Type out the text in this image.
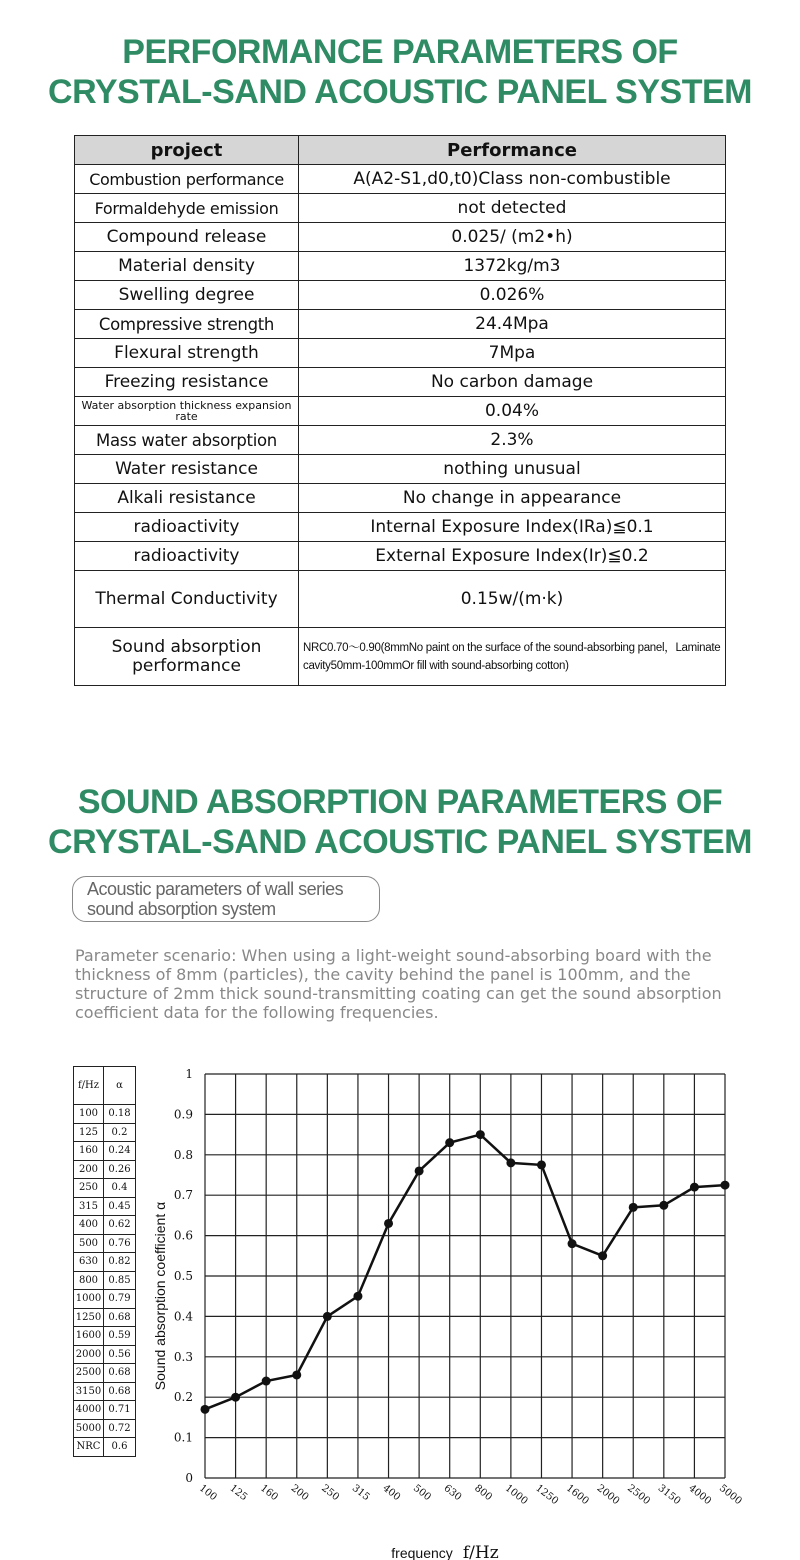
PERFORMANCE PARAMETERS OF
CRYSTAL-SAND ACOUSTIC PANEL SYSTEM
project	Performance
Combustion performance	A(A2-S1,d0,t0)Class non-combustible
Formaldehyde emission	not detected
Compound release	0.025/ (m2•h)
Material density	1372kg/m3
Swelling degree	0.026%
Compressive strength	24.4Mpa
Flexural strength	7Mpa
Freezing resistance	No carbon damage
Water absorption thickness expansion rate	0.04%
Mass water absorption	2.3%
Water resistance	nothing unusual
Alkali resistance	No change in appearance
radioactivity	Internal Exposure Index(IRa)≦0.1
radioactivity	External Exposure Index(Ir)≦0.2
Thermal Conductivity	0.15w/(m·k)
Sound absorption performance	NRC0.70～0.90(8mmNo paint on the surface of the sound-absorbing panel，Laminate cavity50mm-100mmOr fill with sound-absorbing cotton)
SOUND ABSORPTION PARAMETERS OF
CRYSTAL-SAND ACOUSTIC PANEL SYSTEM
Acoustic parameters of wall series
sound absorption system

Parameter scenario: When using a light-weight sound-absorbing board with the thickness of 8mm (particles), the cavity behind the panel is 100mm, and the structure of 2mm thick sound-transmitting coating can get the sound absorption coefficient data for the following frequencies.

f/Hz	α
100	0.18
125	0.2
160	0.24
200	0.26
250	0.4
315	0.45
400	0.62
500	0.76
630	0.82
800	0.85
1000	0.79
1250	0.68
1600	0.59
2000	0.56
2500	0.68
3150	0.68
4000	0.71
5000	0.72
NRC	0.6
0
0.1
0.2
0.3
0.4
0.5
0.6
0.7
0.8
0.9
1
100 125 160 200 250 315 400 500 630 800 1000 1250 1600 2000 2500 3150 4000 5000
Sound absorption coefficient α
frequency f/Hz
